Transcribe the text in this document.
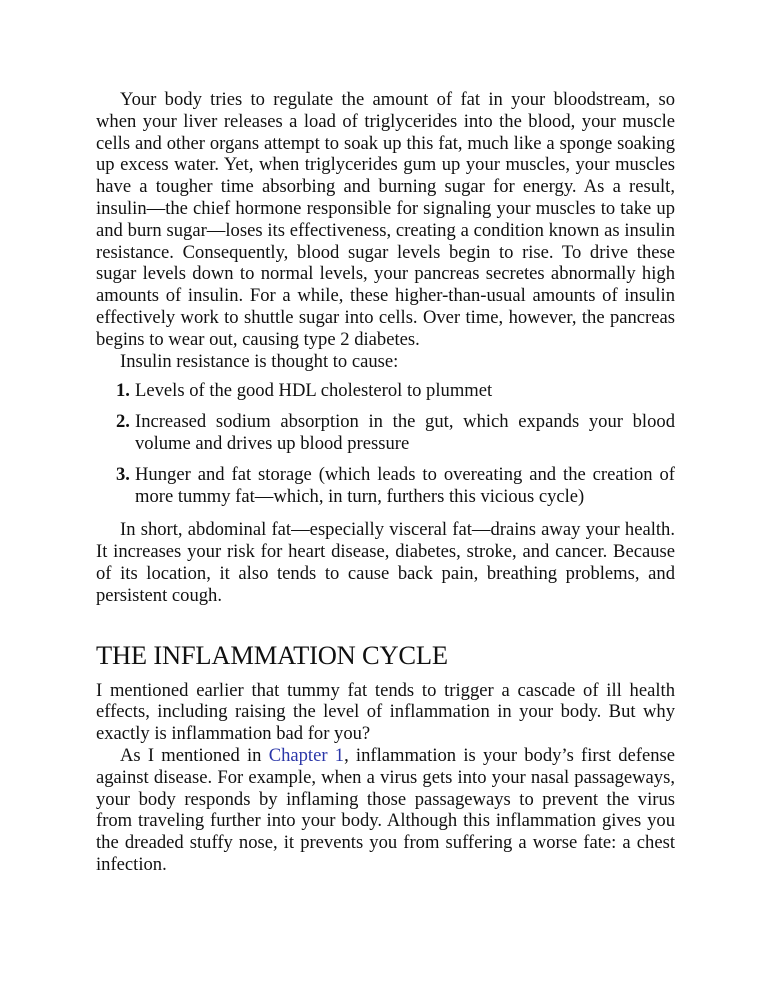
Your body tries to regulate the amount of fat in your bloodstream, so when your liver releases a load of triglycerides into the blood, your muscle cells and other organs attempt to soak up this fat, much like a sponge soaking up excess water. Yet, when triglycerides gum up your muscles, your muscles have a tougher time absorbing and burning sugar for energy. As a result, insulin—the chief hormone responsible for signaling your muscles to take up and burn sugar—loses its effectiveness, creating a condition known as insulin resistance. Consequently, blood sugar levels begin to rise. To drive these sugar levels down to normal levels, your pancreas secretes abnormally high amounts of insulin. For a while, these higher-than-usual amounts of insulin effectively work to shuttle sugar into cells. Over time, however, the pancreas begins to wear out, causing type 2 diabetes.

Insulin resistance is thought to cause:

1. Levels of the good HDL cholesterol to plummet
2. Increased sodium absorption in the gut, which expands your blood volume and drives up blood pressure
3. Hunger and fat storage (which leads to overeating and the creation of more tummy fat—which, in turn, furthers this vicious cycle)

In short, abdominal fat—especially visceral fat—drains away your health. It increases your risk for heart disease, diabetes, stroke, and cancer. Because of its location, it also tends to cause back pain, breathing problems, and persistent cough.

THE INFLAMMATION CYCLE

I mentioned earlier that tummy fat tends to trigger a cascade of ill health effects, including raising the level of inflammation in your body. But why exactly is inflammation bad for you?

As I mentioned in Chapter 1, inflammation is your body’s first defense against disease. For example, when a virus gets into your nasal passageways, your body responds by inflaming those passageways to prevent the virus from traveling further into your body. Although this inflammation gives you the dreaded stuffy nose, it prevents you from suffering a worse fate: a chest infection.
